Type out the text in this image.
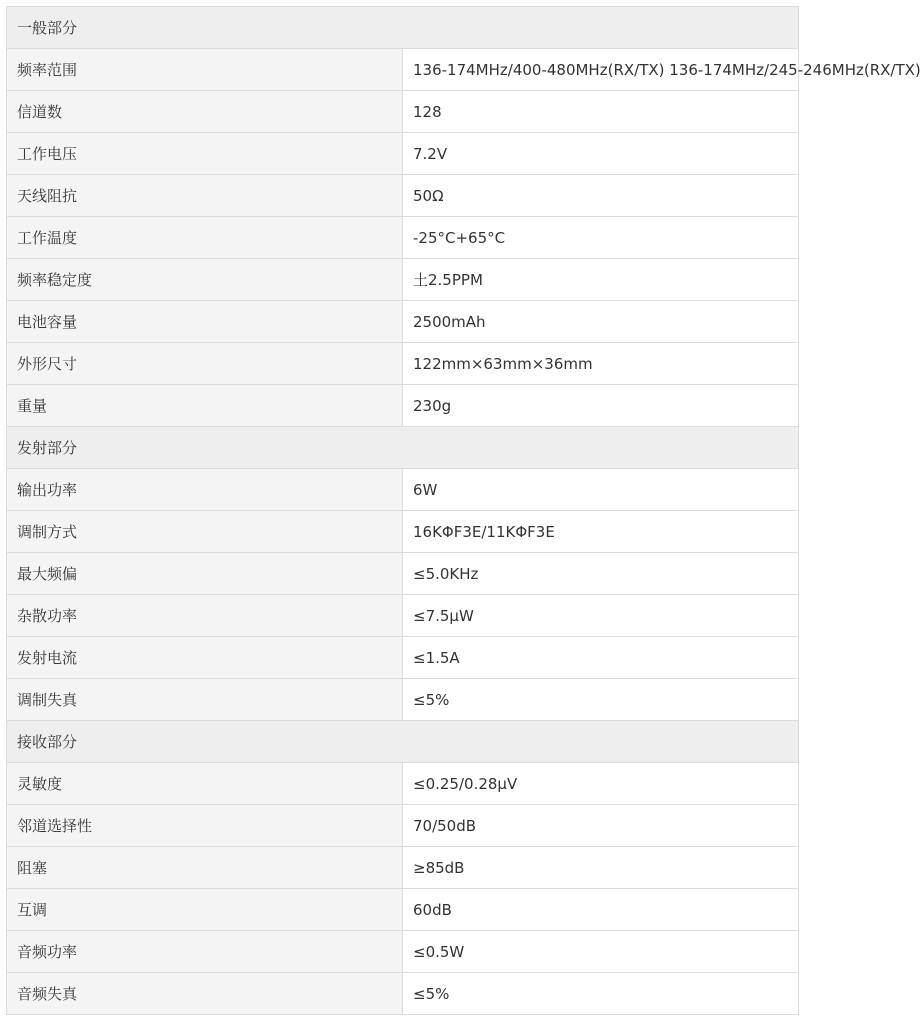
一般部分	
频率范围	136-174MHz/400-480MHz(RX/TX) 136-174MHz/245-246MHz(RX/TX)
信道数	128
工作电压	7.2V
天线阻抗	50Ω
工作温度	-25°C+65°C
频率稳定度	土2.5PPM
电池容量	2500mAh
外形尺寸	122mm×63mm×36mm
重量	230g
发射部分	
输出功率	6W
调制方式	16KΦF3E/11KΦF3E
最大频偏	≤5.0KHz
杂散功率	≤7.5μW
发射电流	≤1.5A
调制失真	≤5%
接收部分	
灵敏度	≤0.25/0.28μV
邻道选择性	70/50dB
阻塞	≥85dB
互调	60dB
音频功率	≤0.5W
音频失真	≤5%
